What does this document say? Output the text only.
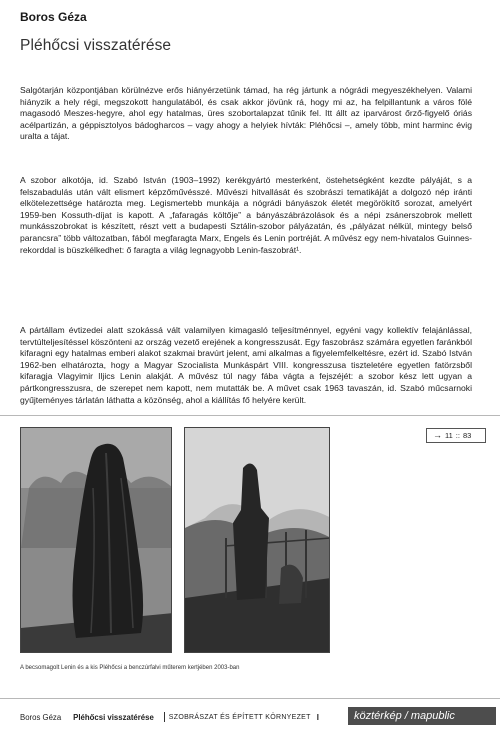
Boros Géza
Pléhőcsi visszatérése

Salgótarján központjában körülnézve erős hiányérzetünk támad, ha rég jártunk a nógrádi megyeszékhelyen. Valami hiányzik a hely régi, megszokott hangulatából, és csak akkor jövünk rá, hogy mi az, ha felpillantunk a város fölé magasodó Meszes-hegyre, ahol egy hatalmas, üres szobortalapzat tűnik fel. Itt állt az iparvárost őrző-figyelő óriás acélpartizán, a géppisztolyos bádogharcos – vagy ahogy a helyiek hívták: Pléhőcsi –, amely több, mint harminc évig uralta a tájat.

A szobor alkotója, id. Szabó István (1903–1992) kerékgyártó mesterként, östehetségként kezdte pályáját, s a felszabadulás után vált elismert képzőművésszé. Művészi hitvallását és szobrászi tematikáját a dolgozó nép iránti elkötelezettsége határozta meg. Legismertebb munkája a nógrádi bányászok életét megörökítő sorozat, amelyért 1959-ben Kossuth-díjat is kapott. A „fafaragás költője” a bányászábrázolások és a népi zsánerszobrok mellett munkásszobrokat is készített, részt vett a budapesti Sztálin-szobor pályázatán, és „pályázat nélkül, mintegy belső parancsra” több változatban, fából megfaragta Marx, Engels és Lenin portréját. A művész egy nem-hivatalos Guinnes-rekorddal is büszkélkedhet: ő faragta a világ legnagyobb Lenin-faszobrát¹.

A pártállam évtizedei alatt szokássá vált valamilyen kimagasló teljesítménnyel, egyéni vagy kollektív felajánlással, tervtúlteljesítéssel köszönteni az ország vezető erejének a kongresszusát. Egy faszobrász számára egyetlen faránkból kifaragni egy hatalmas emberi alakot szakmai bravúrt jelent, ami alkalmas a figyelemfelkeltésre, ezért id. Szabó István 1962-ben elhatározta, hogy a Magyar Szocialista Munkáspárt VIII. kongresszusa tiszteletére egyetlen fatörzsből kifaragja Vlagyimir Iljics Lenin alakját. A művész túl nagy fába vágta a fejszéjét: a szobor kész lett ugyan a pártkongresszusra, de szerepet nem kapott, nem mutatták be. A művet csak 1963 tavaszán, id. Szabó műcsarnoki gyűjteményes tárlatán láthatta a közönség, ahol a kiállítás fő helyére került.

→ 11 :: 83
A becsomagolt Lenin és a kis Pléhőcsi a benczúrfalvi műterem kertjében 2003-ban
Boros Géza Pléhőcsi visszatérése SZOBRÁSZAT ÉS ÉPÍTETT KÖRNYEZET I	köztérkép / mapublic
